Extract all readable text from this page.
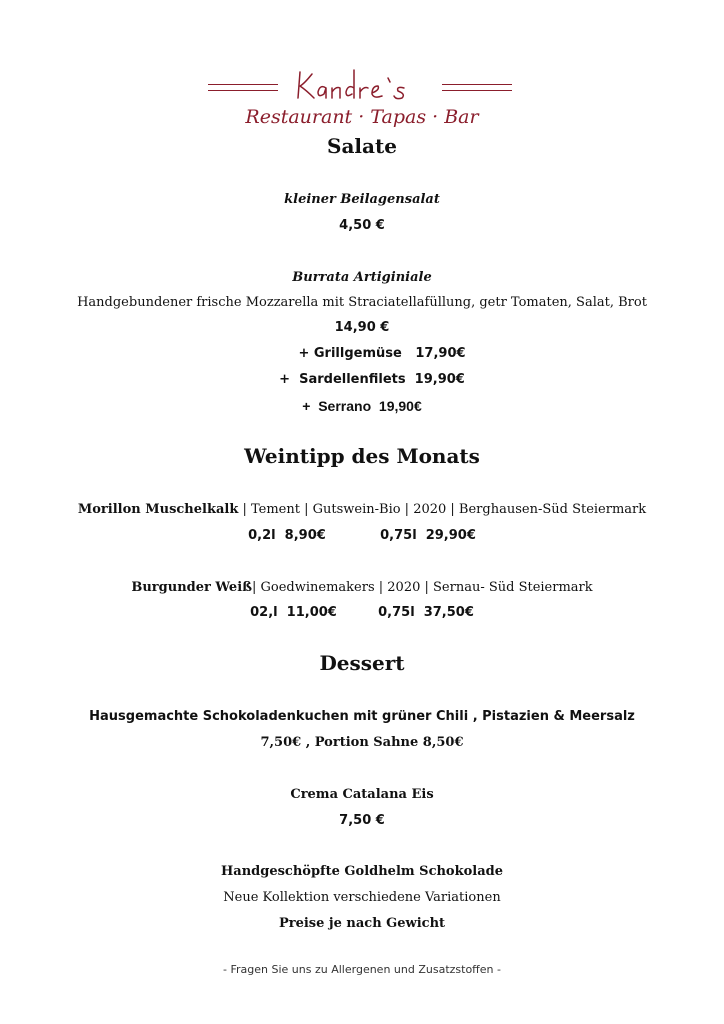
Restaurant · Tapas · Bar
Salate
kleiner Beilagensalat
4,50 €
Burrata Artiginiale
Handgebundener frische Mozzarella mit Straciatellafüllung, getr Tomaten, Salat, Brot
14,90 €
+ Grillgemüse   17,90€
+  Sardellenfilets  19,90€
+  Serrano  19,90€
Weintipp des Monats
Morillon Muschelkalk | Tement | Gutswein-Bio | 2020 | Berghausen-Süd Steiermark
0,2l  8,90€	0,75l  29,90€
Burgunder Weiß| Goedwinemakers | 2020 | Sernau- Süd Steiermark
02,l  11,00€	0,75l  37,50€
Dessert
Hausgemachte Schokoladenkuchen mit grüner Chili , Pistazien & Meersalz
7,50€ , Portion Sahne 8,50€
Crema Catalana Eis
7,50 €
Handgeschöpfte Goldhelm Schokolade
Neue Kollektion verschiedene Variationen
Preise je nach Gewicht
- Fragen Sie uns zu Allergenen und Zusatzstoffen -
